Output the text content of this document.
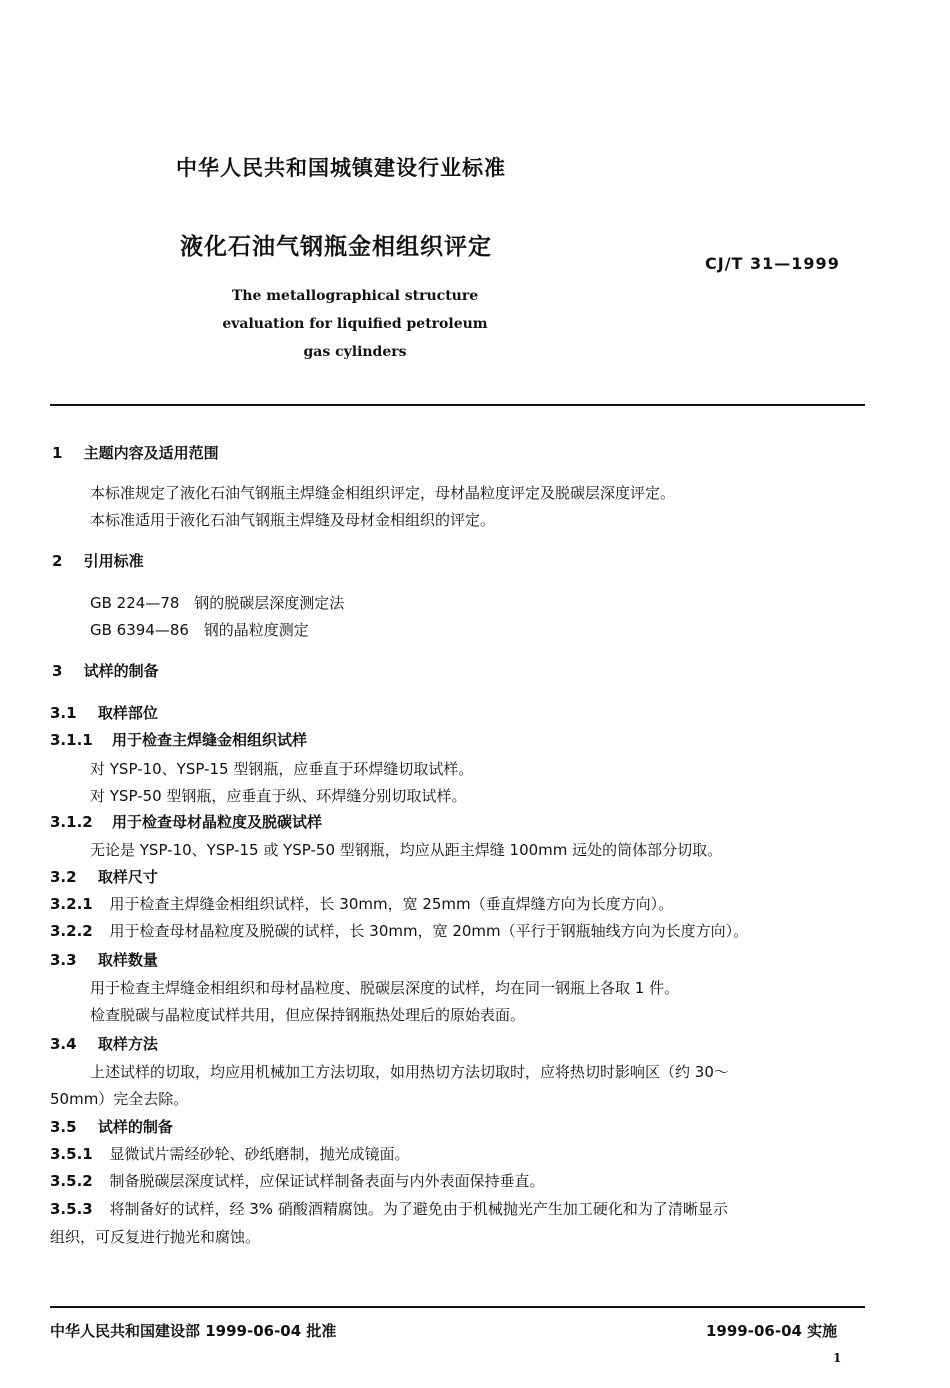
中华人民共和国城镇建设行业标准
液化石油气钢瓶金相组织评定
CJ/T 31—1999
The metallographical structure
evaluation for liquified petroleum
gas cylinders
1 主题内容及适用范围
本标准规定了液化石油气钢瓶主焊缝金相组织评定，母材晶粒度评定及脱碳层深度评定。
本标准适用于液化石油气钢瓶主焊缝及母材金相组织的评定。
2 引用标准
GB 224—78 钢的脱碳层深度测定法
GB 6394—86 钢的晶粒度测定
3 试样的制备
3.1 取样部位
3.1.1 用于检查主焊缝金相组织试样
对 YSP-10、YSP-15 型钢瓶，应垂直于环焊缝切取试样。
对 YSP-50 型钢瓶，应垂直于纵、环焊缝分别切取试样。
3.1.2 用于检查母材晶粒度及脱碳试样
无论是 YSP-10、YSP-15 或 YSP-50 型钢瓶，均应从距主焊缝 100mm 远处的筒体部分切取。
3.2 取样尺寸
3.2.1 用于检查主焊缝金相组织试样，长 30mm，宽 25mm（垂直焊缝方向为长度方向）。
3.2.2 用于检查母材晶粒度及脱碳的试样，长 30mm，宽 20mm（平行于钢瓶轴线方向为长度方向）。
3.3 取样数量
用于检查主焊缝金相组织和母材晶粒度、脱碳层深度的试样，均在同一钢瓶上各取 1 件。
检查脱碳与晶粒度试样共用，但应保持钢瓶热处理后的原始表面。
3.4 取样方法
上述试样的切取，均应用机械加工方法切取，如用热切方法切取时，应将热切时影响区（约 30～
50mm）完全去除。
3.5 试样的制备
3.5.1 显微试片需经砂轮、砂纸磨制，抛光成镜面。
3.5.2 制备脱碳层深度试样，应保证试样制备表面与内外表面保持垂直。
3.5.3 将制备好的试样，经 3% 硝酸酒精腐蚀。为了避免由于机械抛光产生加工硬化和为了清晰显示
组织，可反复进行抛光和腐蚀。
中华人民共和国建设部 1999-06-04 批准	1999-06-04 实施
1
